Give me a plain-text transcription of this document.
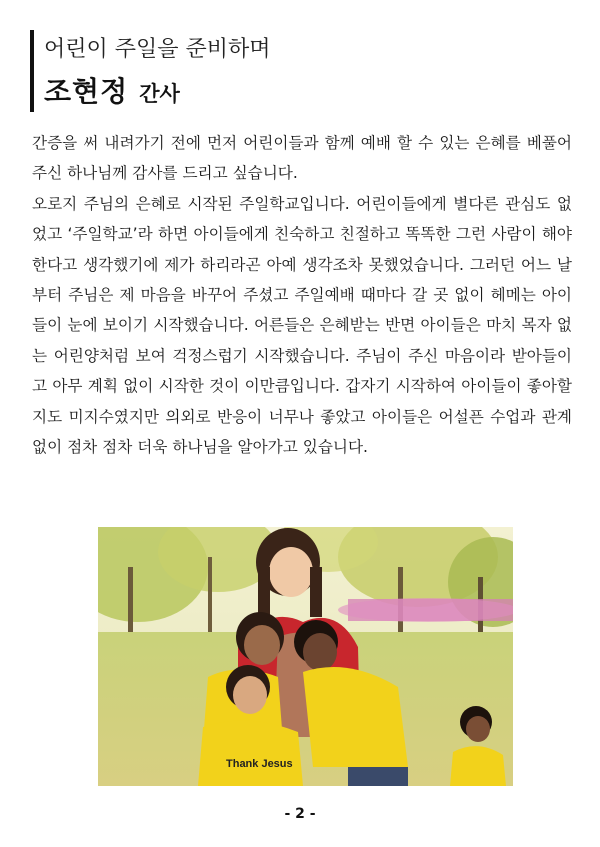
어린이 주일을 준비하며
조현정 간사

간증을 써 내려가기 전에 먼저 어린이들과 함께 예배 할 수 있는 은혜를 베풀어주신 하나님께 감사를 드리고 싶습니다.

오로지 주님의 은혜로 시작된 주일학교입니다. 어린이들에게 별다른 관심도 없었고 ‘주일학교’라 하면 아이들에게 친숙하고 친절하고 똑똑한 그런 사람이 해야 한다고 생각했기에 제가 하리라곤 아예 생각조차 못했었습니다. 그러던 어느 날부터 주님은 제 마음을 바꾸어 주셨고 주일예배 때마다 갈 곳 없이 헤메는 아이들이 눈에 보이기 시작했습니다. 어른들은 은혜받는 반면 아이들은 마치 목자 없는 어린양처럼 보여 걱정스럽기 시작했습니다. 주님이 주신 마음이라 받아들이고 아무 계획 없이 시작한 것이 이만큼입니다. 갑자기 시작하여 아이들이 좋아할지도 미지수였지만 의외로 반응이 너무나 좋았고 아이들은 어설픈 수업과 관계없이 점차 점차 더욱 하나님을 알아가고 있습니다.

Thank Jesus
- 2 -
